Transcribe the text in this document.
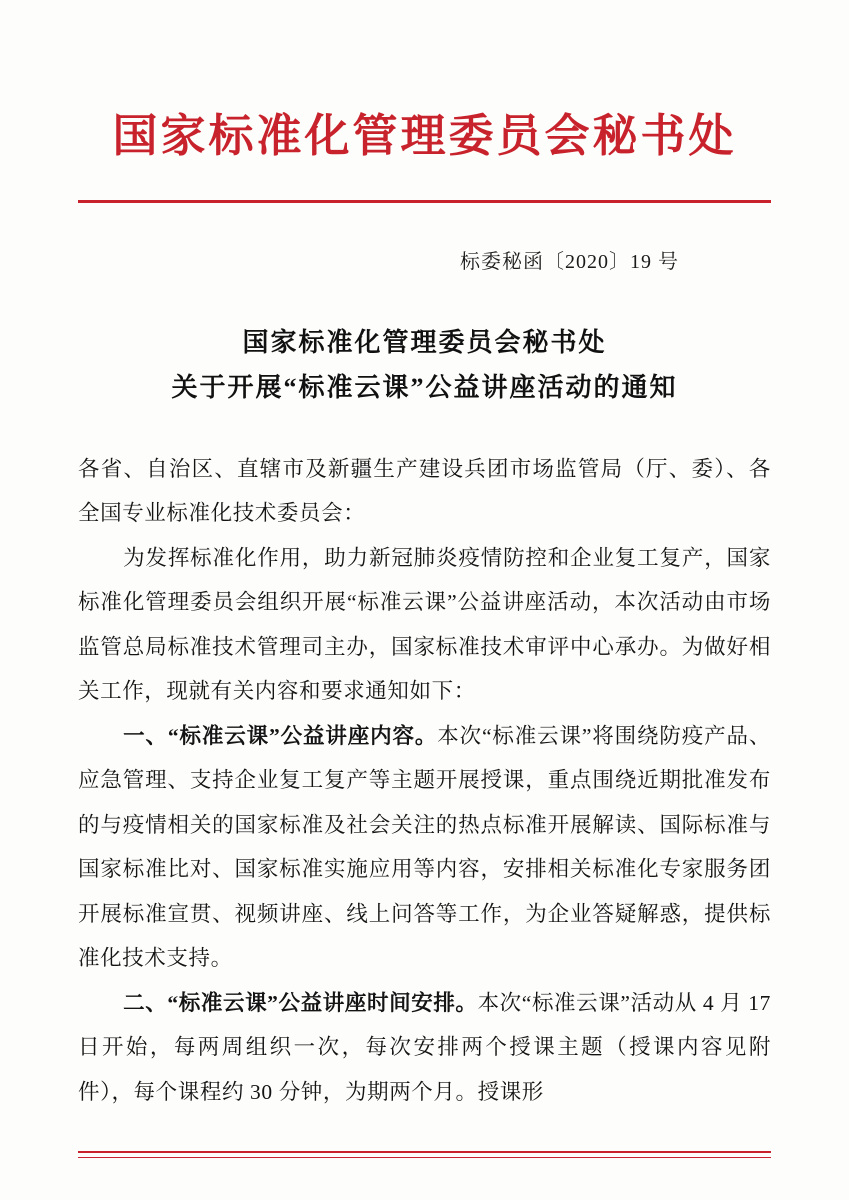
国家标准化管理委员会秘书处
标委秘函〔2020〕19 号
国家标准化管理委员会秘书处
关于开展“标准云课”公益讲座活动的通知

各省、自治区、直辖市及新疆生产建设兵团市场监管局（厅、委）、各全国专业标准化技术委员会：

为发挥标准化作用，助力新冠肺炎疫情防控和企业复工复产，国家标准化管理委员会组织开展“标准云课”公益讲座活动，本次活动由市场监管总局标准技术管理司主办，国家标准技术审评中心承办。为做好相关工作，现就有关内容和要求通知如下：

一、“标准云课”公益讲座内容。本次“标准云课”将围绕防疫产品、应急管理、支持企业复工复产等主题开展授课，重点围绕近期批准发布的与疫情相关的国家标准及社会关注的热点标准开展解读、国际标准与国家标准比对、国家标准实施应用等内容，安排相关标准化专家服务团开展标准宣贯、视频讲座、线上问答等工作，为企业答疑解惑，提供标准化技术支持。

二、“标准云课”公益讲座时间安排。本次“标准云课”活动从 4 月 17 日开始，每两周组织一次，每次安排两个授课主题（授课内容见附件），每个课程约 30 分钟，为期两个月。授课形
